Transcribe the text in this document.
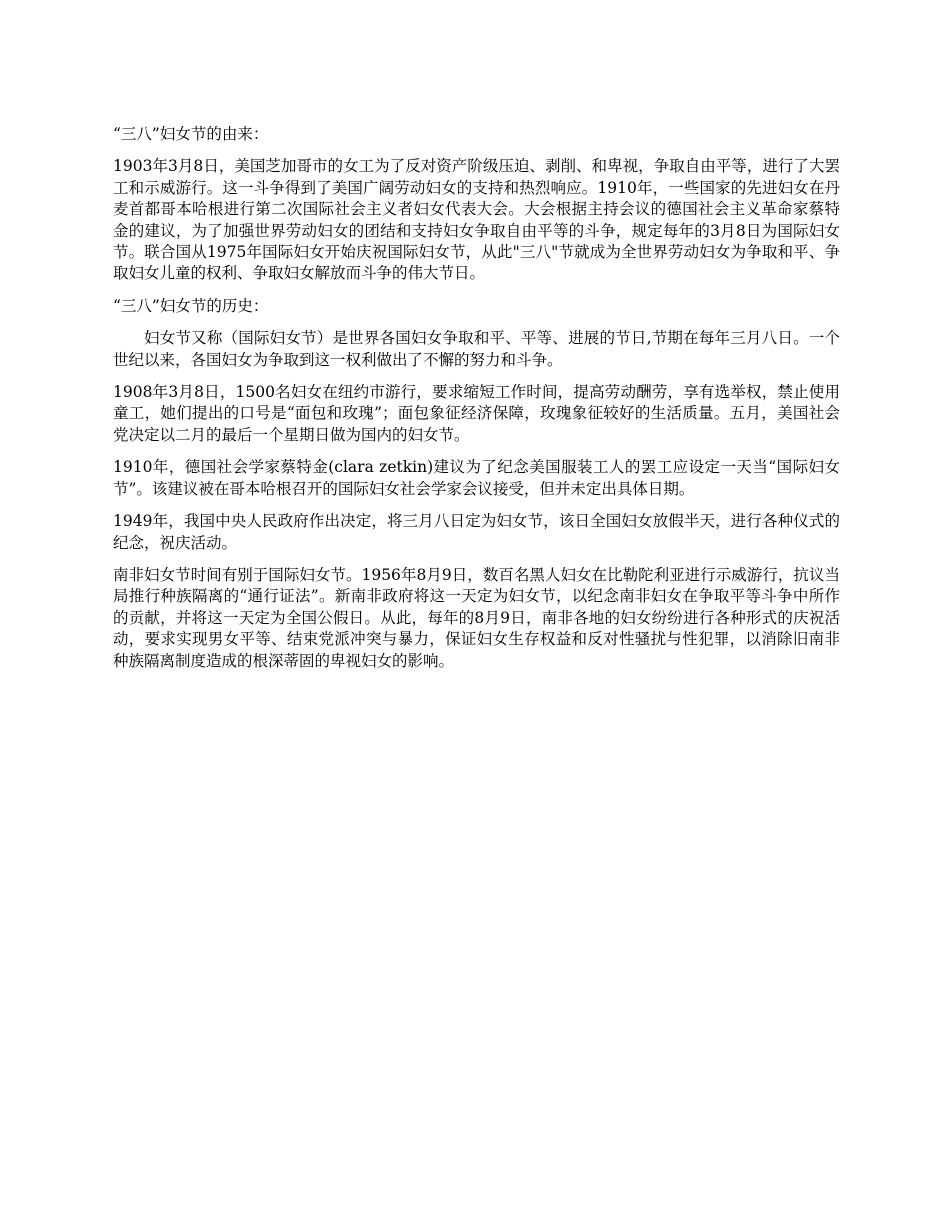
“三八”妇女节的由来：

1903年3月8日，美国芝加哥市的女工为了反对资产阶级压迫、剥削、和卑视，争取自由平等，进行了大罢工和示威游行。这一斗争得到了美国广阔劳动妇女的支持和热烈响应。1910年，一些国家的先进妇女在丹麦首都哥本哈根进行第二次国际社会主义者妇女代表大会。大会根据主持会议的德国社会主义革命家蔡特金的建议，为了加强世界劳动妇女的团结和支持妇女争取自由平等的斗争，规定每年的3月8日为国际妇女节。联合国从1975年国际妇女开始庆祝国际妇女节，从此"三八"节就成为全世界劳动妇女为争取和平、争取妇女儿童的权利、争取妇女解放而斗争的伟大节日。

“三八”妇女节的历史：

妇女节又称（国际妇女节）是世界各国妇女争取和平、平等、进展的节日,节期在每年三月八日。一个世纪以来，各国妇女为争取到这一权利做出了不懈的努力和斗争。

1908年3月8日，1500名妇女在纽约市游行，要求缩短工作时间，提高劳动酬劳，享有选举权，禁止使用童工，她们提出的口号是“面包和玫瑰”；面包象征经济保障，玫瑰象征较好的生活质量。五月，美国社会党决定以二月的最后一个星期日做为国内的妇女节。

1910年，德国社会学家蔡特金(clara zetkin)建议为了纪念美国服装工人的罢工应设定一天当“国际妇女节”。该建议被在哥本哈根召开的国际妇女社会学家会议接受，但并未定出具体日期。

1949年，我国中央人民政府作出决定，将三月八日定为妇女节，该日全国妇女放假半天，进行各种仪式的纪念，祝庆活动。

南非妇女节时间有别于国际妇女节。1956年8月9日，数百名黑人妇女在比勒陀利亚进行示威游行，抗议当局推行种族隔离的“通行证法”。新南非政府将这一天定为妇女节，以纪念南非妇女在争取平等斗争中所作的贡献，并将这一天定为全国公假日。从此，每年的8月9日，南非各地的妇女纷纷进行各种形式的庆祝活动，要求实现男女平等、结束党派冲突与暴力，保证妇女生存权益和反对性骚扰与性犯罪，以消除旧南非种族隔离制度造成的根深蒂固的卑视妇女的影响。
